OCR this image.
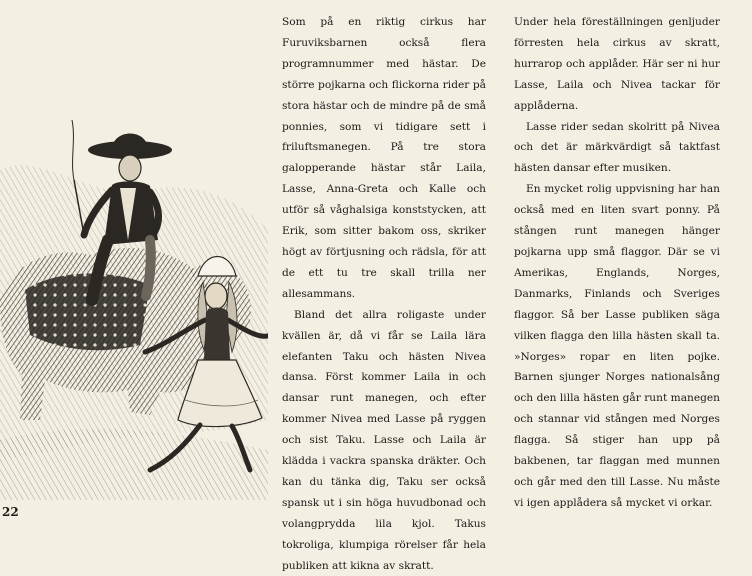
Som på en riktig cirkus har Furuviksbarnen också flera programnummer med hästar. De större pojkarna och flickorna rider på stora hästar och de mindre på de små ponnies, som vi tidigare sett i friluftsmanegen. På tre stora galopperande hästar står Laila, Lasse, Anna-Greta och Kalle och utför så våghalsiga konststycken, att Erik, som sitter bakom oss, skriker högt av förtjusning och rädsla, för att de ett tu tre skall trilla ner allesammans.

Bland det allra roligaste under kvällen är, då vi får se Laila lära elefanten Taku och hästen Nivea dansa. Först kommer Laila in och dansar runt manegen, och efter kommer Nivea med Lasse på ryggen och sist Taku. Lasse och Laila är klädda i vackra spanska dräkter. Och kan du tänka dig, Taku ser också spansk ut i sin höga huvudbonad och volangprydda lila kjol. Takus tokroliga, klumpiga rörelser får hela publiken att kikna av skratt.

Under hela föreställningen genljuder förresten hela cirkus av skratt, hurrarop och applåder. Här ser ni hur Lasse, Laila och Nivea tackar för applåderna.

Lasse rider sedan skolritt på Nivea och det är märkvärdigt så taktfast hästen dansar efter musiken.

En mycket rolig uppvisning har han också med en liten svart ponny. På stången runt manegen hänger pojkarna upp små flaggor. Där se vi Amerikas, Englands, Norges, Danmarks, Finlands och Sveriges flaggor. Så ber Lasse publiken säga vilken flagga den lilla hästen skall ta. »Norges» ropar en liten pojke. Barnen sjunger Norges nationalsång och den lilla hästen går runt manegen och stannar vid stången med Norges flagga. Så stiger han upp på bakbenen, tar flaggan med munnen och går med den till Lasse. Nu måste vi igen applådera så mycket vi orkar.

22
